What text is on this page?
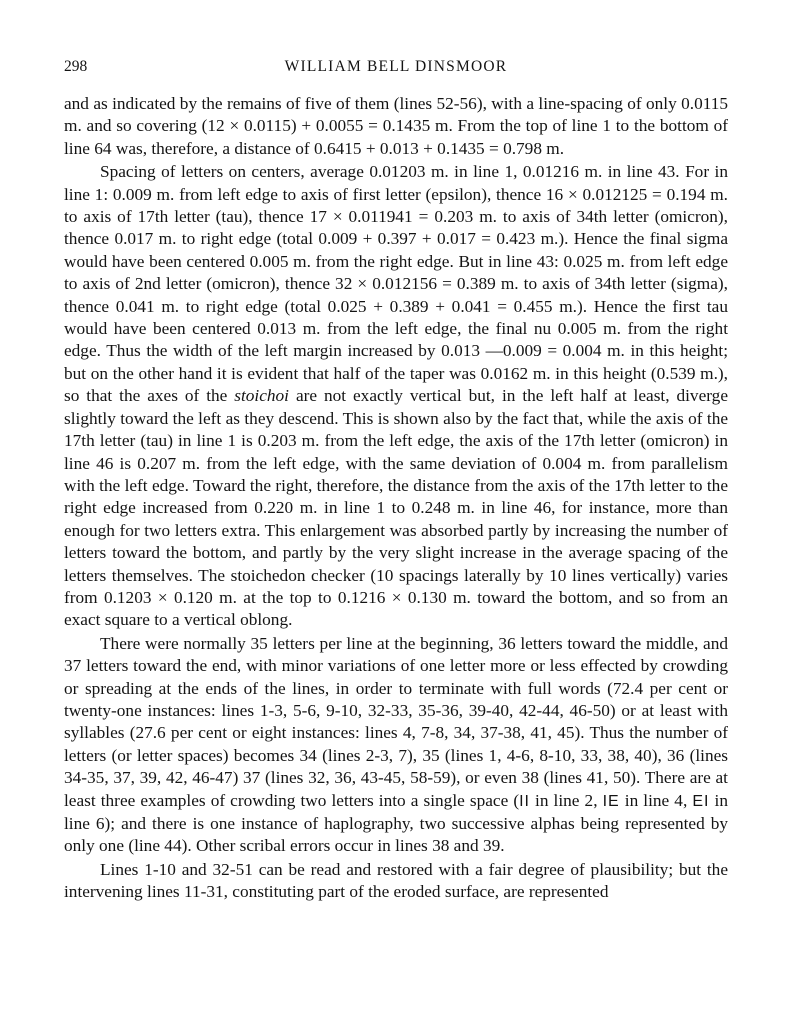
298	WILLIAM BELL DINSMOOR

and as indicated by the remains of five of them (lines 52-56), with a line-spacing of only 0.0115 m. and so covering (12 × 0.0115) + 0.0055 = 0.1435 m. From the top of line 1 to the bottom of line 64 was, therefore, a distance of 0.6415 + 0.013 + 0.1435 = 0.798 m.

Spacing of letters on centers, average 0.01203 m. in line 1, 0.01216 m. in line 43. For in line 1: 0.009 m. from left edge to axis of first letter (epsilon), thence 16 × 0.012125 = 0.194 m. to axis of 17th letter (tau), thence 17 × 0.011941 = 0.203 m. to axis of 34th letter (omicron), thence 0.017 m. to right edge (total 0.009 + 0.397 + 0.017 = 0.423 m.). Hence the final sigma would have been centered 0.005 m. from the right edge. But in line 43: 0.025 m. from left edge to axis of 2nd letter (omicron), thence 32 × 0.012156 = 0.389 m. to axis of 34th letter (sigma), thence 0.041 m. to right edge (total 0.025 + 0.389 + 0.041 = 0.455 m.). Hence the first tau would have been centered 0.013 m. from the left edge, the final nu 0.005 m. from the right edge. Thus the width of the left margin increased by 0.013 —0.009 = 0.004 m. in this height; but on the other hand it is evident that half of the taper was 0.0162 m. in this height (0.539 m.), so that the axes of the stoichoi are not exactly vertical but, in the left half at least, diverge slightly toward the left as they descend. This is shown also by the fact that, while the axis of the 17th letter (tau) in line 1 is 0.203 m. from the left edge, the axis of the 17th letter (omicron) in line 46 is 0.207 m. from the left edge, with the same deviation of 0.004 m. from parallelism with the left edge. Toward the right, therefore, the distance from the axis of the 17th letter to the right edge increased from 0.220 m. in line 1 to 0.248 m. in line 46, for instance, more than enough for two letters extra. This enlargement was absorbed partly by increasing the number of letters toward the bottom, and partly by the very slight increase in the average spacing of the letters themselves. The stoichedon checker (10 spacings laterally by 10 lines vertically) varies from 0.1203 × 0.120 m. at the top to 0.1216 × 0.130 m. toward the bottom, and so from an exact square to a vertical oblong.

There were normally 35 letters per line at the beginning, 36 letters toward the middle, and 37 letters toward the end, with minor variations of one letter more or less effected by crowding or spreading at the ends of the lines, in order to terminate with full words (72.4 per cent or twenty-one instances: lines 1-3, 5-6, 9-10, 32-33, 35-36, 39-40, 42-44, 46-50) or at least with syllables (27.6 per cent or eight instances: lines 4, 7-8, 34, 37-38, 41, 45). Thus the number of letters (or letter spaces) becomes 34 (lines 2-3, 7), 35 (lines 1, 4-6, 8-10, 33, 38, 40), 36 (lines 34-35, 37, 39, 42, 46-47) 37 (lines 32, 36, 43-45, 58-59), or even 38 (lines 41, 50). There are at least three examples of crowding two letters into a single space (II in line 2, IE in line 4, EI in line 6); and there is one instance of haplography, two successive alphas being represented by only one (line 44). Other scribal errors occur in lines 38 and 39.

Lines 1-10 and 32-51 can be read and restored with a fair degree of plausibility; but the intervening lines 11-31, constituting part of the eroded surface, are represented
